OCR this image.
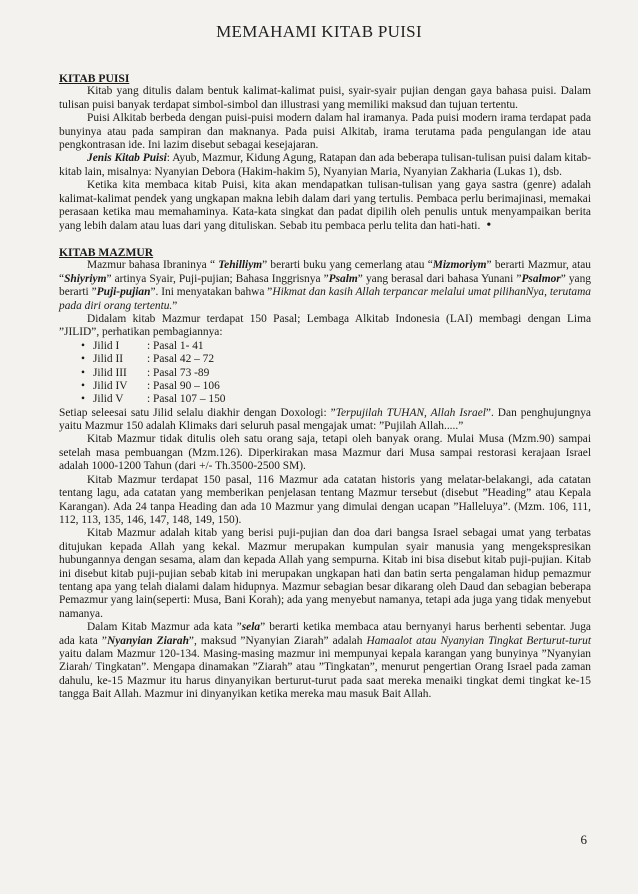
MEMAHAMI KITAB PUISI
KITAB PUISI

Kitab yang ditulis dalam bentuk kalimat-kalimat puisi, syair-syair pujian dengan gaya bahasa puisi. Dalam tulisan puisi banyak terdapat simbol-simbol dan illustrasi yang memiliki maksud dan tujuan tertentu.

Puisi Alkitab berbeda dengan puisi-puisi modern dalam hal iramanya. Pada puisi modern irama terdapat pada bunyinya atau pada sampiran dan maknanya. Pada puisi Alkitab, irama terutama pada pengulangan ide atau pengkontrasan ide. Ini lazim disebut sebagai kesejajaran.

Jenis Kitab Puisi: Ayub, Mazmur, Kidung Agung, Ratapan dan ada beberapa tulisan-tulisan puisi dalam kitab-kitab lain, misalnya: Nyanyian Debora (Hakim-hakim 5), Nyanyian Maria, Nyanyian Zakharia (Lukas 1), dsb.

Ketika kita membaca kitab Puisi, kita akan mendapatkan tulisan-tulisan yang gaya sastra (genre) adalah kalimat-kalimat pendek yang ungkapan makna lebih dalam dari yang tertulis. Pembaca perlu berimajinasi, memakai perasaan ketika mau memahaminya. Kata-kata singkat dan padat dipilih oleh penulis untuk menyampaikan berita yang lebih dalam atau luas dari yang dituliskan. Sebab itu pembaca perlu telita dan hati-hati. •

KITAB MAZMUR

Mazmur bahasa Ibraninya “ Tehilliym” berarti buku yang cemerlang atau “Mizmoriym” berarti Mazmur, atau “Shiyriym” artinya Syair, Puji-pujian; Bahasa Inggrisnya ”Psalm” yang berasal dari bahasa Yunani ”Psalmor” yang berarti ”Puji-pujian”. Ini menyatakan bahwa ”Hikmat dan kasih Allah terpancar melalui umat pilihanNya, terutama pada diri orang tertentu.”

Didalam kitab Mazmur terdapat 150 Pasal; Lembaga Alkitab Indonesia (LAI) membagi dengan Lima ”JILID”, perhatikan pembagiannya:

• Jilid I : Pasal 1- 41
• Jilid II : Pasal 42 – 72
• Jilid III : Pasal 73 -89
• Jilid IV : Pasal 90 – 106
• Jilid V : Pasal 107 – 150

Setiap seleesai satu Jilid selalu diakhir dengan Doxologi: ”Terpujilah TUHAN, Allah Israel”. Dan penghujungnya yaitu Mazmur 150 adalah Klimaks dari seluruh pasal mengajak umat: ”Pujilah Allah.....”

Kitab Mazmur tidak ditulis oleh satu orang saja, tetapi oleh banyak orang. Mulai Musa (Mzm.90) sampai setelah masa pembuangan (Mzm.126). Diperkirakan masa Mazmur dari Musa sampai restorasi kerajaan Israel adalah 1000-1200 Tahun (dari +/- Th.3500-2500 SM).

Kitab Mazmur terdapat 150 pasal, 116 Mazmur ada catatan historis yang melatar-belakangi, ada catatan tentang lagu, ada catatan yang memberikan penjelasan tentang Mazmur tersebut (disebut ”Heading” atau Kepala Karangan). Ada 24 tanpa Heading dan ada 10 Mazmur yang dimulai dengan ucapan ”Halleluya”. (Mzm. 106, 111, 112, 113, 135, 146, 147, 148, 149, 150).

Kitab Mazmur adalah kitab yang berisi puji-pujian dan doa dari bangsa Israel sebagai umat yang terbatas ditujukan kepada Allah yang kekal. Mazmur merupakan kumpulan syair manusia yang mengekspresikan hubungannya dengan sesama, alam dan kepada Allah yang sempurna. Kitab ini bisa disebut kitab puji-pujian. Kitab ini disebut kitab puji-pujian sebab kitab ini merupakan ungkapan hati dan batin serta pengalaman hidup pemazmur tentang apa yang telah dialami dalam hidupnya. Mazmur sebagian besar dikarang oleh Daud dan sebagian beberapa Pemazmur yang lain(seperti: Musa, Bani Korah); ada yang menyebut namanya, tetapi ada juga yang tidak menyebut namanya.

Dalam Kitab Mazmur ada kata ”sela” berarti ketika membaca atau bernyanyi harus berhenti sebentar. Juga ada kata ”Nyanyian Ziarah”, maksud ”Nyanyian Ziarah” adalah Hamaalot atau Nyanyian Tingkat Berturut-turut yaitu dalam Mazmur 120-134. Masing-masing mazmur ini mempunyai kepala karangan yang bunyinya ”Nyanyian Ziarah/ Tingkatan”. Mengapa dinamakan ”Ziarah” atau ”Tingkatan”, menurut pengertian Orang Israel pada zaman dahulu, ke-15 Mazmur itu harus dinyanyikan berturut-turut pada saat mereka menaiki tingkat demi tingkat ke-15 tangga Bait Allah. Mazmur ini dinyanyikan ketika mereka mau masuk Bait Allah.

6
